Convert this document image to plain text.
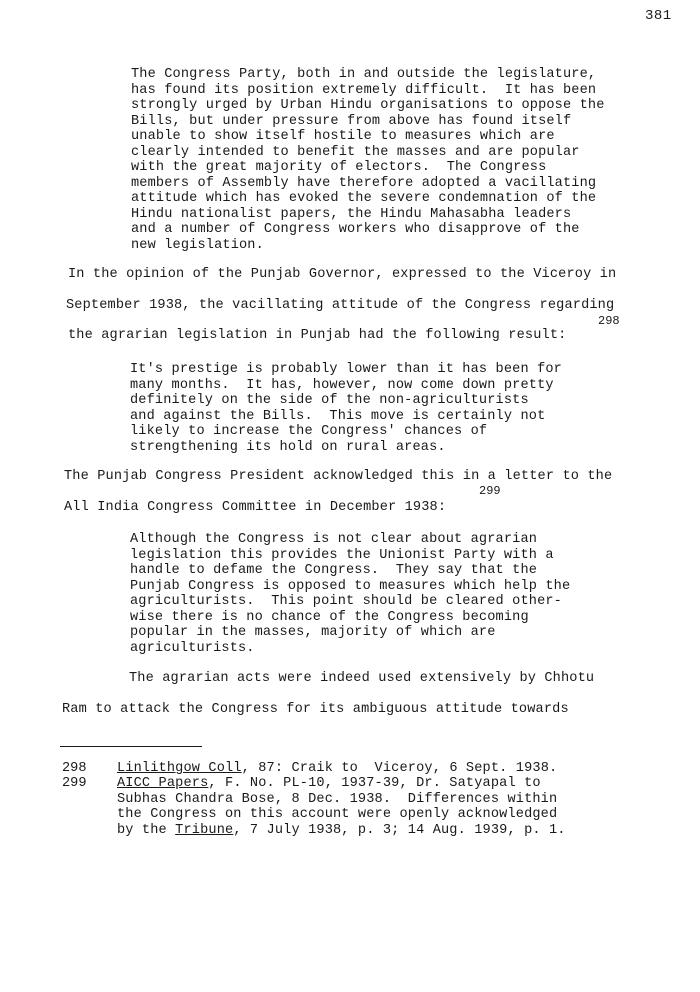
381
The Congress Party, both in and outside the legislature,
has found its position extremely difficult.  It has been
strongly urged by Urban Hindu organisations to oppose the
Bills, but under pressure from above has found itself
unable to show itself hostile to measures which are
clearly intended to benefit the masses and are popular
with the great majority of electors.  The Congress
members of Assembly have therefore adopted a vacillating
attitude which has evoked the severe condemnation of the
Hindu nationalist papers, the Hindu Mahasabha leaders
and a number of Congress workers who disapprove of the
new legislation.
In the opinion of the Punjab Governor, expressed to the Viceroy in
September 1938, the vacillating attitude of the Congress regarding
298
the agrarian legislation in Punjab had the following result:
It's prestige is probably lower than it has been for
many months.  It has, however, now come down pretty
definitely on the side of the non-agriculturists
and against the Bills.  This move is certainly not
likely to increase the Congress' chances of
strengthening its hold on rural areas.
The Punjab Congress President acknowledged this in a letter to the
299
All India Congress Committee in December 1938:
Although the Congress is not clear about agrarian
legislation this provides the Unionist Party with a
handle to defame the Congress.  They say that the
Punjab Congress is opposed to measures which help the
agriculturists.  This point should be cleared other-
wise there is no chance of the Congress becoming
popular in the masses, majority of which are
agriculturists.
The agrarian acts were indeed used extensively by Chhotu
Ram to attack the Congress for its ambiguous attitude towards
298 Linlithgow Coll, 87: Craik to  Viceroy, 6 Sept. 1938.
299 AICC Papers, F. No. PL-10, 1937-39, Dr. Satyapal to
Subhas Chandra Bose, 8 Dec. 1938.  Differences within
the Congress on this account were openly acknowledged
by the Tribune, 7 July 1938, p. 3; 14 Aug. 1939, p. 1.
